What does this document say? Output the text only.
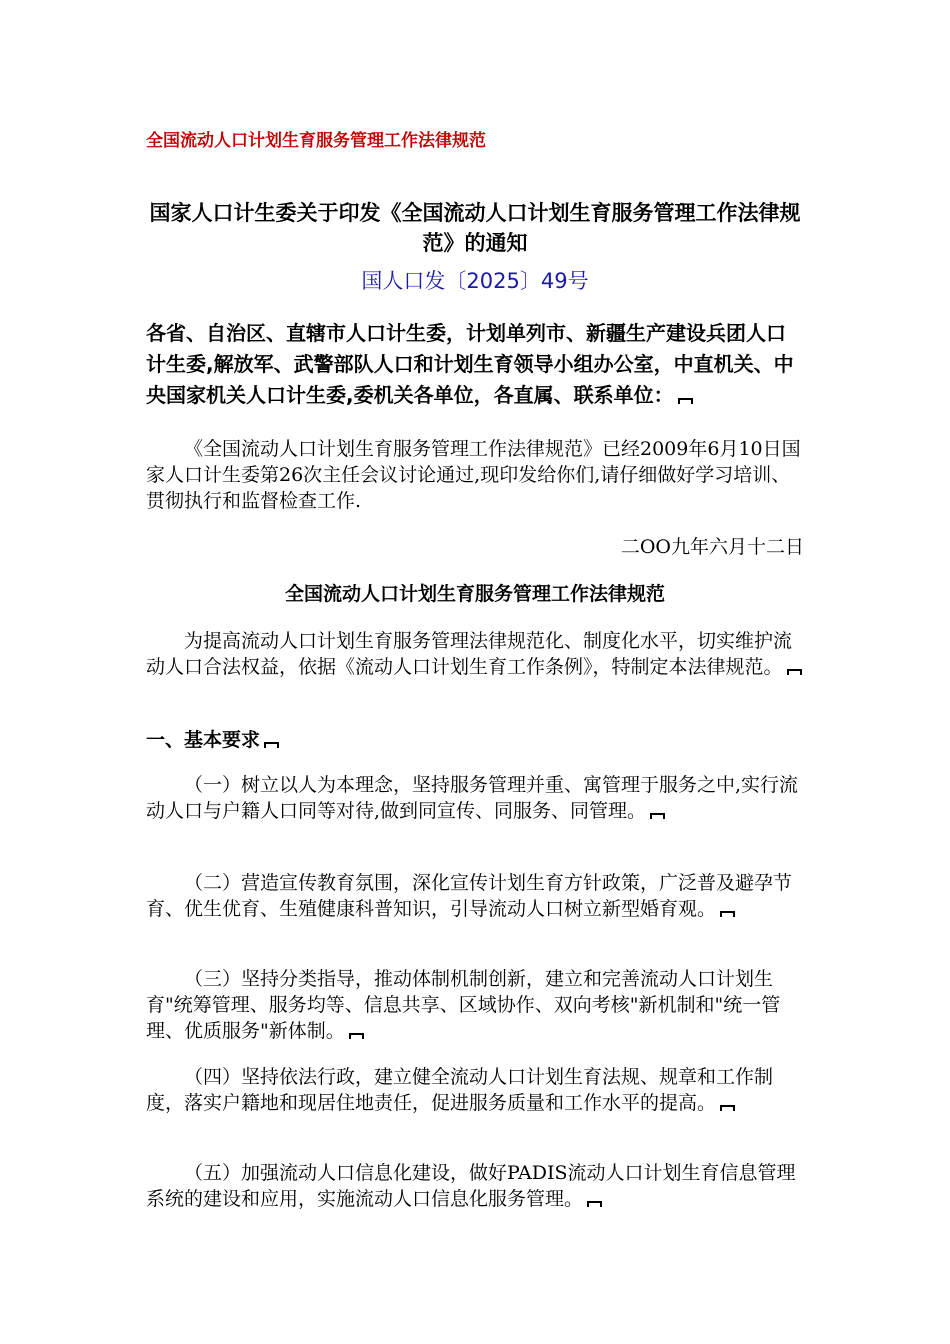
全国流动人口计划生育服务管理工作法律规范
国家人口计生委关于印发《全国流动人口计划生育服务管理工作法律规范》的通知
国人口发〔2025〕49号
各省、自治区、直辖市人口计生委，计划单列市、新疆生产建设兵团人口计生委,解放军、武警部队人口和计划生育领导小组办公室，中直机关、中央国家机关人口计生委,委机关各单位，各直属、联系单位：
《全国流动人口计划生育服务管理工作法律规范》已经2009年6月10日国家人口计生委第26次主任会议讨论通过,现印发给你们,请仔细做好学习培训、贯彻执行和监督检查工作.
二OO九年六月十二日
全国流动人口计划生育服务管理工作法律规范
为提高流动人口计划生育服务管理法律规范化、制度化水平，切实维护流动人口合法权益，依据《流动人口计划生育工作条例》，特制定本法律规范。
一、基本要求
（一）树立以人为本理念，坚持服务管理并重、寓管理于服务之中,实行流动人口与户籍人口同等对待,做到同宣传、同服务、同管理。
（二）营造宣传教育氛围，深化宣传计划生育方针政策，广泛普及避孕节育、优生优育、生殖健康科普知识，引导流动人口树立新型婚育观。
（三）坚持分类指导，推动体制机制创新，建立和完善流动人口计划生育"统筹管理、服务均等、信息共享、区域协作、双向考核"新机制和"统一管理、优质服务"新体制。
（四）坚持依法行政，建立健全流动人口计划生育法规、规章和工作制度，落实户籍地和现居住地责任，促进服务质量和工作水平的提高。
（五）加强流动人口信息化建设，做好PADIS流动人口计划生育信息管理系统的建设和应用，实施流动人口信息化服务管理。
